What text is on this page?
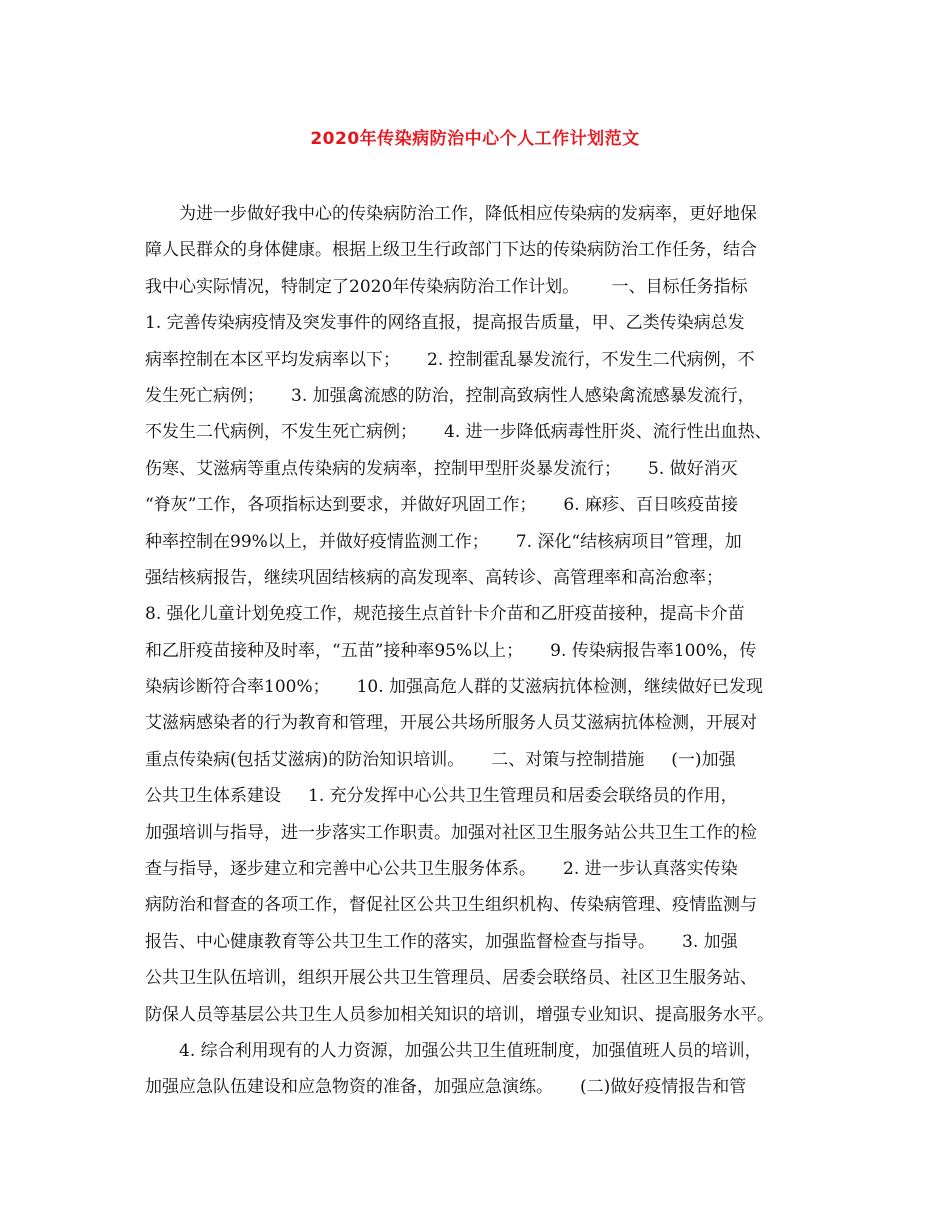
2020年传染病防治中心个人工作计划范文
为进一步做好我中心的传染病防治工作，降低相应传染病的发病率，更好地保
障人民群众的身体健康。根据上级卫生行政部门下达的传染病防治工作任务，结合
我中心实际情况，特制定了2020年传染病防治工作计划。      一、目标任务指标
1. 完善传染病疫情及突发事件的网络直报，提高报告质量，甲、乙类传染病总发
病率控制在本区平均发病率以下；     2. 控制霍乱暴发流行，不发生二代病例，不
发生死亡病例；     3. 加强禽流感的防治，控制高致病性人感染禽流感暴发流行，
不发生二代病例，不发生死亡病例；     4. 进一步降低病毒性肝炎、流行性出血热、
伤寒、艾滋病等重点传染病的发病率，控制甲型肝炎暴发流行；     5. 做好消灭
“脊灰”工作，各项指标达到要求，并做好巩固工作；     6. 麻疹、百日咳疫苗接
种率控制在99%以上，并做好疫情监测工作；     7. 深化“结核病项目”管理，加
强结核病报告，继续巩固结核病的高发现率、高转诊、高管理率和高治愈率；
8. 强化儿童计划免疫工作，规范接生点首针卡介苗和乙肝疫苗接种，提高卡介苗
和乙肝疫苗接种及时率，“五苗”接种率95%以上；     9. 传染病报告率100%，传
染病诊断符合率100%；     10. 加强高危人群的艾滋病抗体检测，继续做好已发现
艾滋病感染者的行为教育和管理，开展公共场所服务人员艾滋病抗体检测，开展对
重点传染病(包括艾滋病)的防治知识培训。     二、对策与控制措施     (一)加强
公共卫生体系建设     1. 充分发挥中心公共卫生管理员和居委会联络员的作用，
加强培训与指导，进一步落实工作职责。加强对社区卫生服务站公共卫生工作的检
查与指导，逐步建立和完善中心公共卫生服务体系。     2. 进一步认真落实传染
病防治和督查的各项工作，督促社区公共卫生组织机构、传染病管理、疫情监测与
报告、中心健康教育等公共卫生工作的落实，加强监督检查与指导。     3. 加强
公共卫生队伍培训，组织开展公共卫生管理员、居委会联络员、社区卫生服务站、
防保人员等基层公共卫生人员参加相关知识的培训，增强专业知识、提高服务水平。
4. 综合利用现有的人力资源，加强公共卫生值班制度，加强值班人员的培训，
加强应急队伍建设和应急物资的准备，加强应急演练。     (二)做好疫情报告和管
